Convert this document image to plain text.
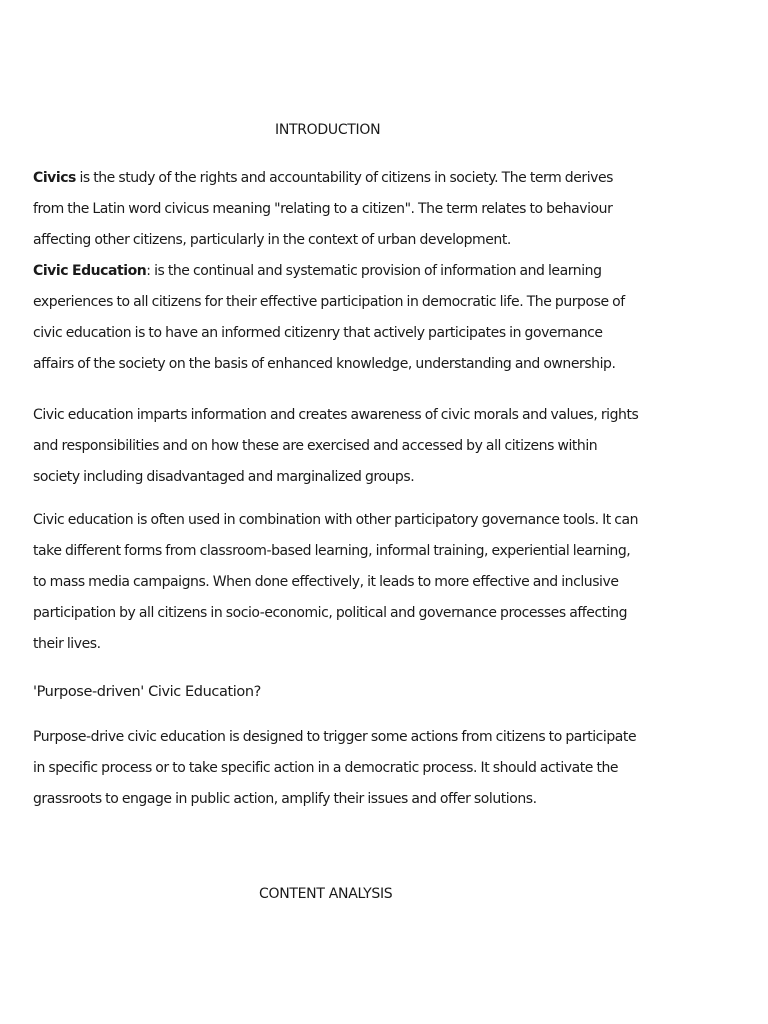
INTRODUCTION
Civics is the study of the rights and accountability of citizens in society. The term derives from the Latin word civicus meaning "relating to a citizen". The term relates to behaviour affecting other citizens, particularly in the context of urban development.
Civic Education: is the continual and systematic provision of information and learning experiences to all citizens for their effective participation in democratic life. The purpose of civic education is to have an informed citizenry that actively participates in governance affairs of the society on the basis of enhanced knowledge, understanding and ownership.
Civic education imparts information and creates awareness of civic morals and values, rights and responsibilities and on how these are exercised and accessed by all citizens within society including disadvantaged and marginalized groups.
Civic education is often used in combination with other participatory governance tools. It can take different forms from classroom-based learning, informal training, experiential learning, to mass media campaigns. When done effectively, it leads to more effective and inclusive participation by all citizens in socio-economic, political and governance processes affecting their lives.
'Purpose-driven' Civic Education?
Purpose-drive civic education is designed to trigger some actions from citizens to participate in specific process or to take specific action in a democratic process. It should activate the grassroots to engage in public action, amplify their issues and offer solutions.
CONTENT ANALYSIS
